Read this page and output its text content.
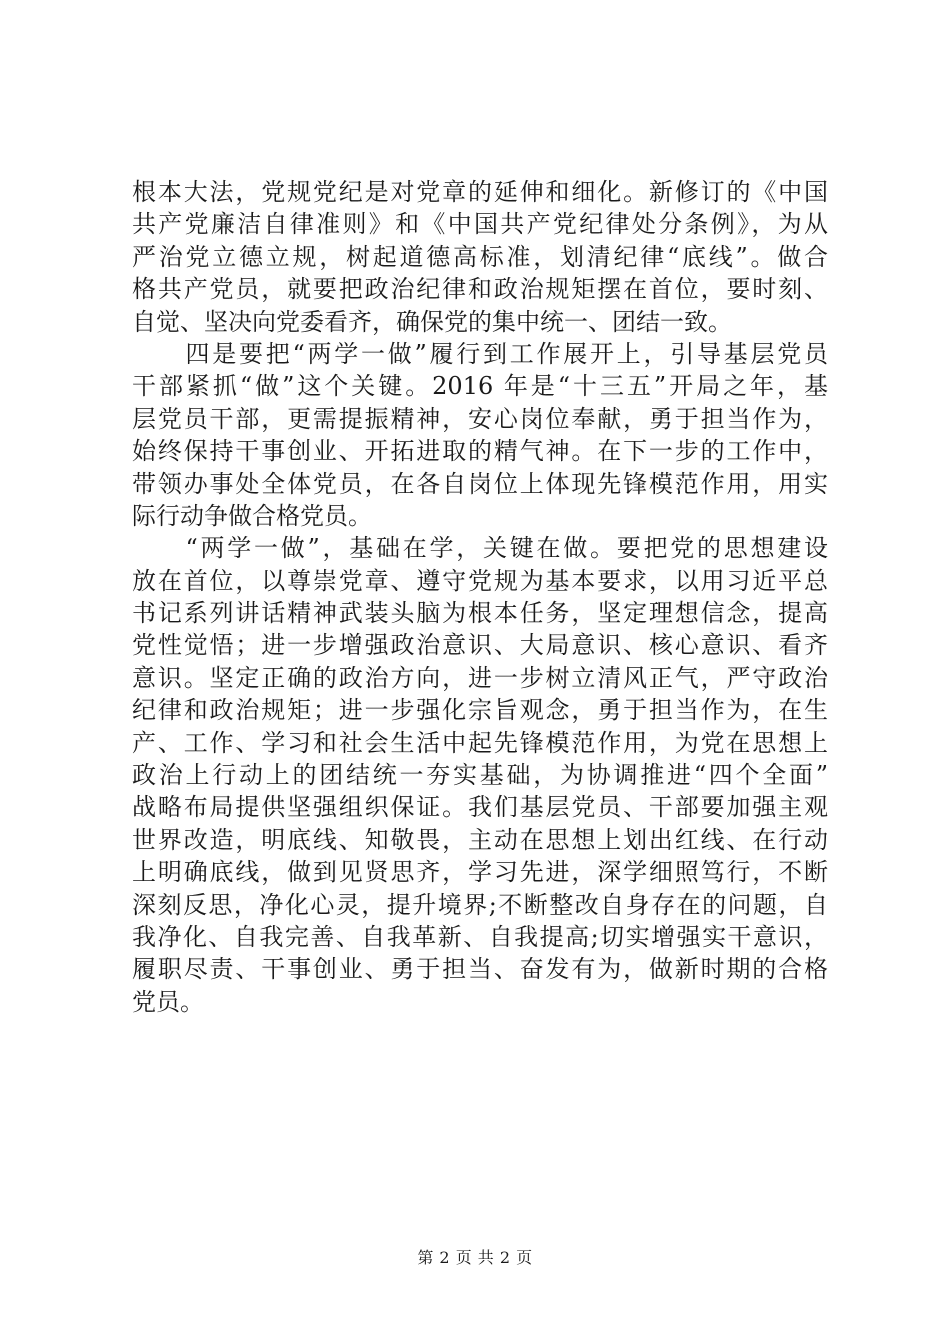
根本大法，党规党纪是对党章的延伸和细化。新修订的《中国
共产党廉洁自律准则》和《中国共产党纪律处分条例》，为从
严治党立德立规，树起道德高标准，划清纪律“底线”。做合
格共产党员，就要把政治纪律和政治规矩摆在首位，要时刻、
自觉、坚决向党委看齐，确保党的集中统一、团结一致。
　　四是要把“两学一做”履行到工作展开上，引导基层党员
干部紧抓“做”这个关键。2016 年是“十三五”开局之年，基
层党员干部，更需提振精神，安心岗位奉献，勇于担当作为，
始终保持干事创业、开拓进取的精气神。在下一步的工作中，
带领办事处全体党员，在各自岗位上体现先锋模范作用，用实
际行动争做合格党员。
　　“两学一做”，基础在学，关键在做。要把党的思想建设
放在首位，以尊崇党章、遵守党规为基本要求，以用习近平总
书记系列讲话精神武装头脑为根本任务，坚定理想信念，提高
党性觉悟；进一步增强政治意识、大局意识、核心意识、看齐
意识。坚定正确的政治方向，进一步树立清风正气，严守政治
纪律和政治规矩；进一步强化宗旨观念，勇于担当作为，在生
产、工作、学习和社会生活中起先锋模范作用，为党在思想上
政治上行动上的团结统一夯实基础，为协调推进“四个全面”
战略布局提供坚强组织保证。我们基层党员、干部要加强主观
世界改造，明底线、知敬畏，主动在思想上划出红线、在行动
上明确底线，做到见贤思齐，学习先进，深学细照笃行，不断
深刻反思，净化心灵，提升境界;不断整改自身存在的问题，自
我净化、自我完善、自我革新、自我提高;切实增强实干意识，
履职尽责、干事创业、勇于担当、奋发有为，做新时期的合格
党员。
第 2 页 共 2 页
